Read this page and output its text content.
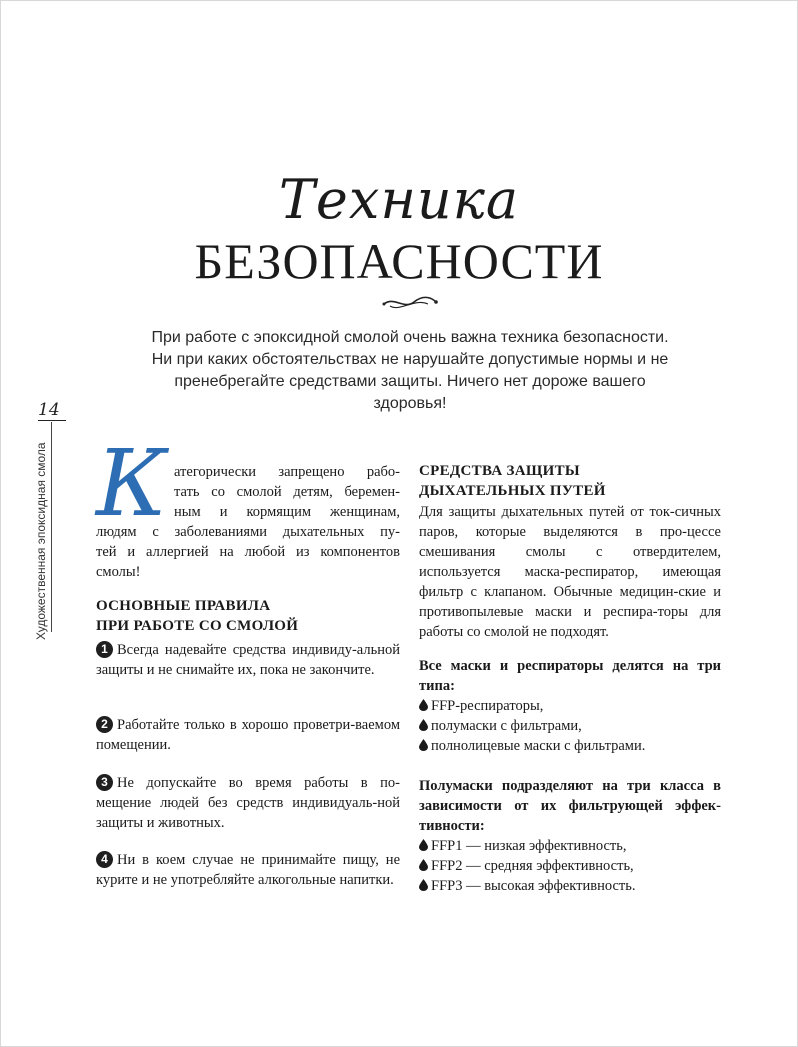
Техника
БЕЗОПАСНОСТИ
При работе с эпоксидной смолой очень важна техника безопасности. Ни при каких обстоятельствах не нарушайте допустимые нормы и не пренебрегайте средствами защиты. Ничего нет дороже вашего здоровья!
14
Художественная эпоксидная смола К атегорически запрещено рабо-
тать со смолой детям, беремен-
ным и кормящим женщинам,
людям с заболеваниями дыхательных пу-
тей и аллергией на любой из компонентов
смолы!
ОСНОВНЫЕ ПРАВИЛА
ПРИ РАБОТЕ СО СМОЛОЙ
1 Всегда надевайте средства индивиду-альной защиты и не снимайте их, пока не закончите.
2 Работайте только в хорошо проветри-ваемом помещении.
3 Не допускайте во время работы в по-мещение людей без средств индивидуаль-ной защиты и животных.
4 Ни в коем случае не принимайте пищу, не курите и не употребляйте алкогольные напитки.
СРЕДСТВА ЗАЩИТЫ
ДЫХАТЕЛЬНЫХ ПУТЕЙ
Для защиты дыхательных путей от ток-сичных паров, которые выделяются в про-цессе смешивания смолы с отвердителем, используется маска-респиратор, имеющая фильтр с клапаном. Обычные медицин-ские и противопылевые маски и респира-торы для работы со смолой не подходят.
Все маски и респираторы делятся на три типа:
FFP-респираторы,
полумаски с фильтрами,
полнолицевые маски с фильтрами.
Полумаски подразделяют на три класса в зависимости от их фильтрующей эффек-тивности:
FFP1 — низкая эффективность,
FFP2 — средняя эффективность,
FFP3 — высокая эффективность.
